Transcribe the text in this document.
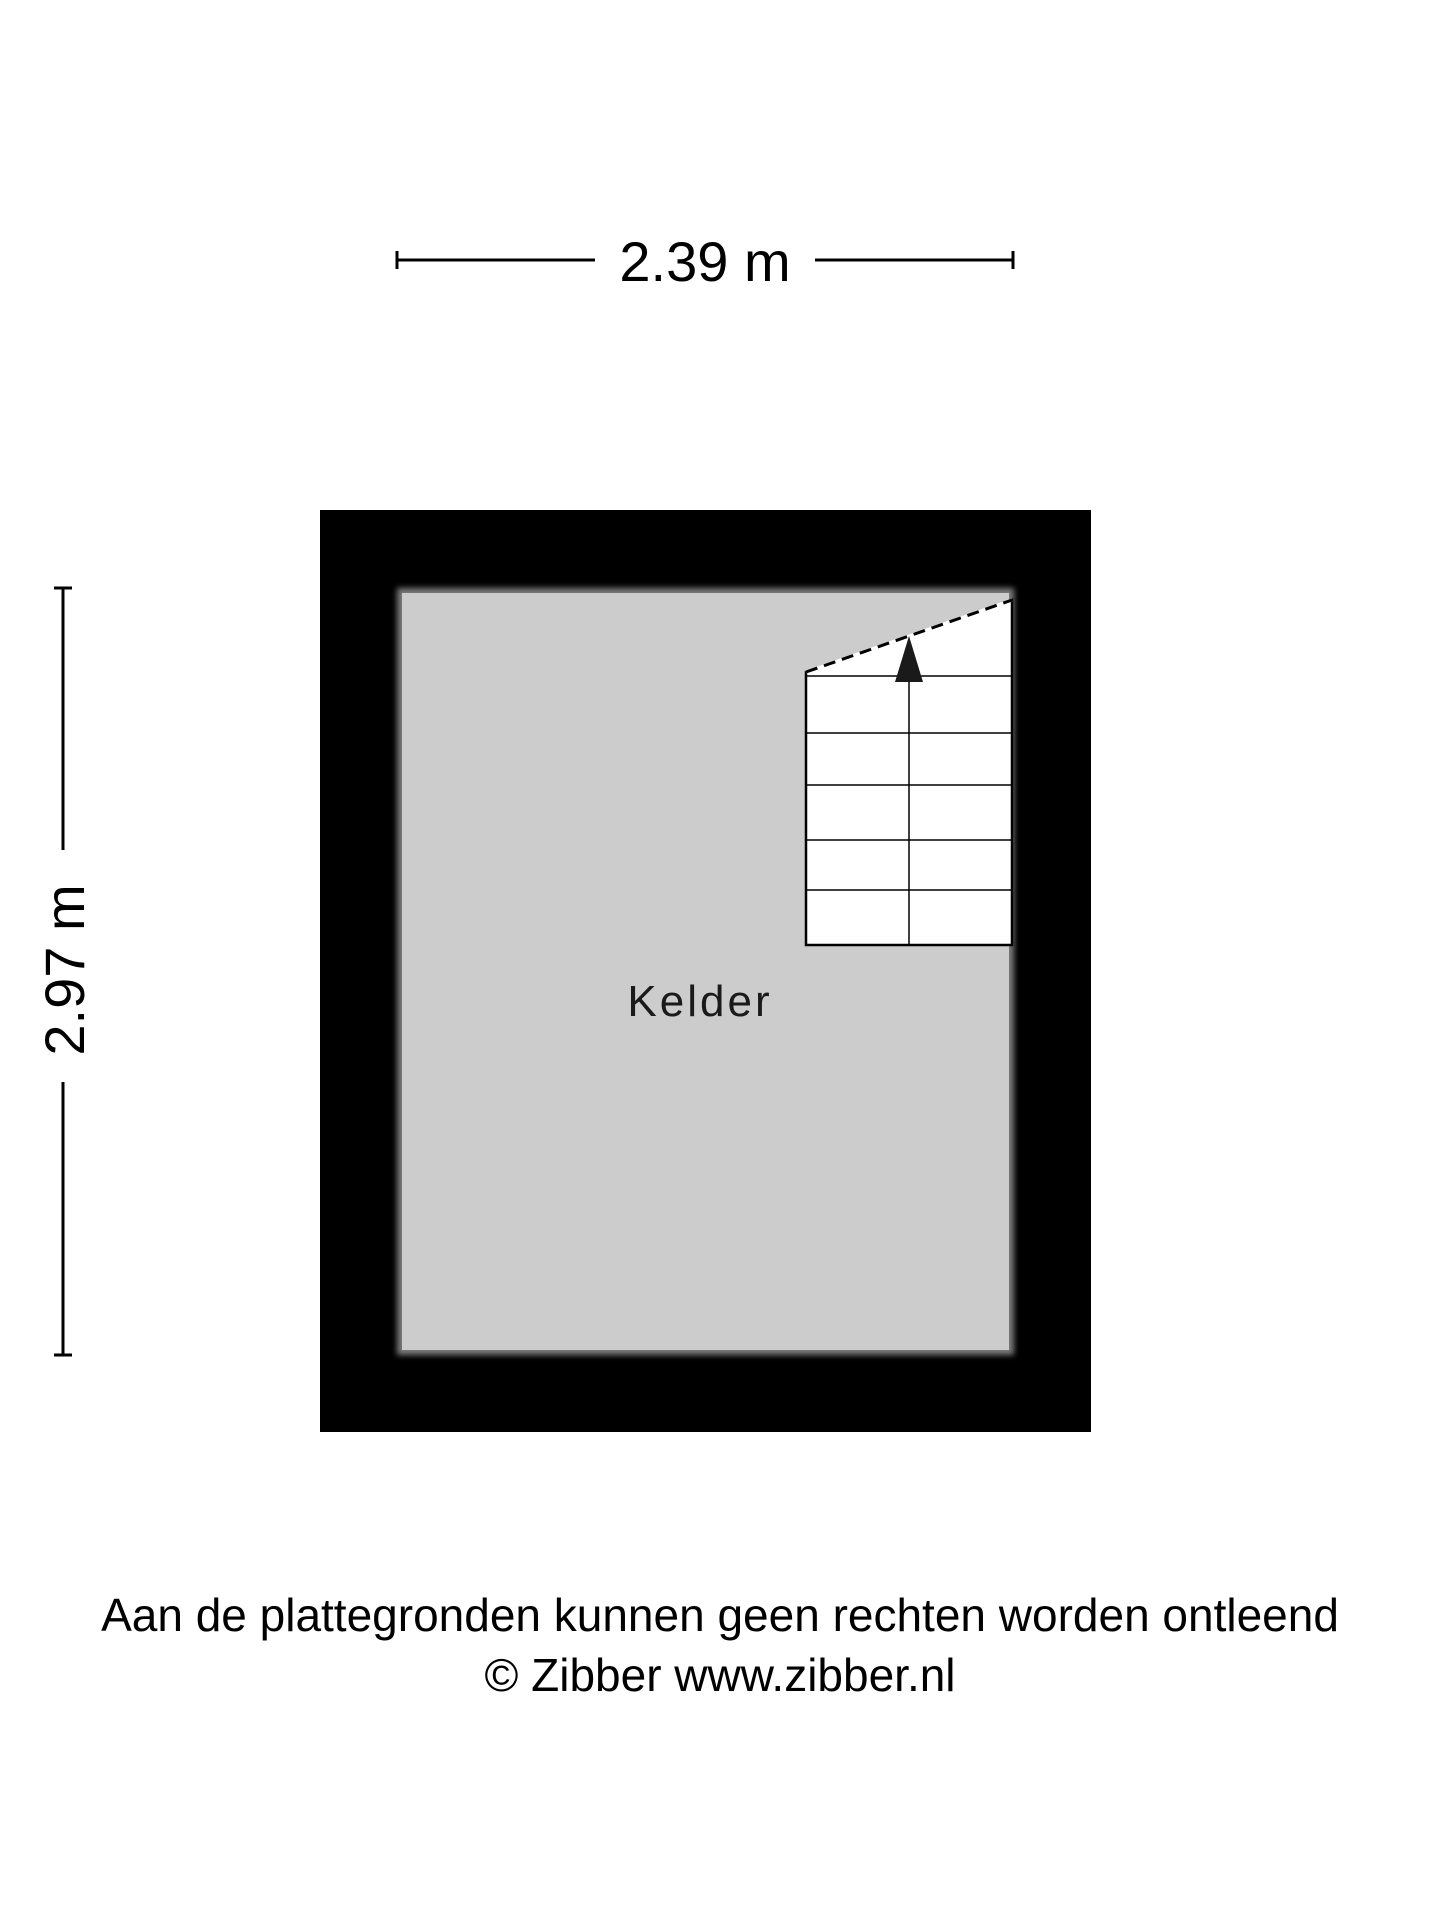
2.39 m
2.97 m	Kelder
Aan de plattegronden kunnen geen rechten worden ontleend
© Zibber www.zibber.nl
